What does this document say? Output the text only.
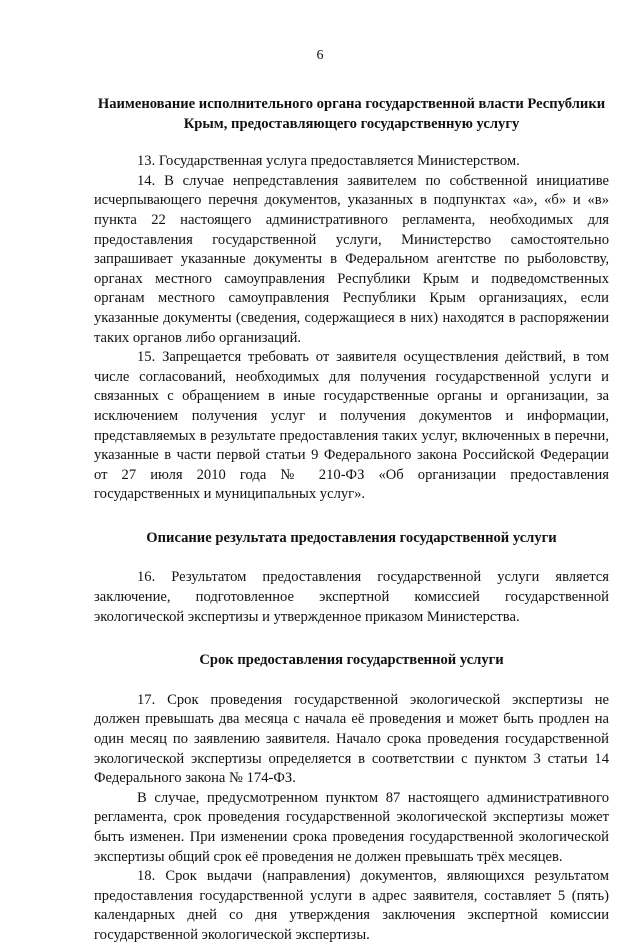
6

Наименование исполнительного органа государственной власти Республики Крым, предоставляющего государственную услугу

13. Государственная услуга предоставляется Министерством.

14. В случае непредставления заявителем по собственной инициативе исчерпывающего перечня документов, указанных в подпунктах «а», «б» и «в» пункта 22 настоящего административного регламента, необходимых для предоставления государственной услуги, Министерство самостоятельно запрашивает указанные документы в Федеральном агентстве по рыболовству, органах местного самоуправления Республики Крым и подведомственных органам местного самоуправления Республики Крым организациях, если указанные документы (сведения, содержащиеся в них) находятся в распоряжении таких органов либо организаций.

15. Запрещается требовать от заявителя осуществления действий, в том числе согласований, необходимых для получения государственной услуги и связанных с обращением в иные государственные органы и организации, за исключением получения услуг и получения документов и информации, представляемых в результате предоставления таких услуг, включенных в перечни, указанные в части первой статьи 9 Федерального закона Российской Федерации от 27 июля 2010 года № 210-ФЗ «Об организации предоставления государственных и муниципальных услуг».

Описание результата предоставления государственной услуги

16. Результатом предоставления государственной услуги является заключение, подготовленное экспертной комиссией государственной экологической экспертизы и утвержденное приказом Министерства.

Срок предоставления государственной услуги

17. Срок проведения государственной экологической экспертизы не должен превышать два месяца с начала её проведения и может быть продлен на один месяц по заявлению заявителя. Начало срока проведения государственной экологической экспертизы определяется в соответствии с пунктом 3 статьи 14 Федерального закона № 174-ФЗ.

В случае, предусмотренном пунктом 87 настоящего административного регламента, срок проведения государственной экологической экспертизы может быть изменен. При изменении срока проведения государственной экологической экспертизы общий срок её проведения не должен превышать трёх месяцев.

18. Срок выдачи (направления) документов, являющихся результатом предоставления государственной услуги в адрес заявителя, составляет 5 (пять) календарных дней со дня утверждения заключения экспертной комиссии государственной экологической экспертизы.
